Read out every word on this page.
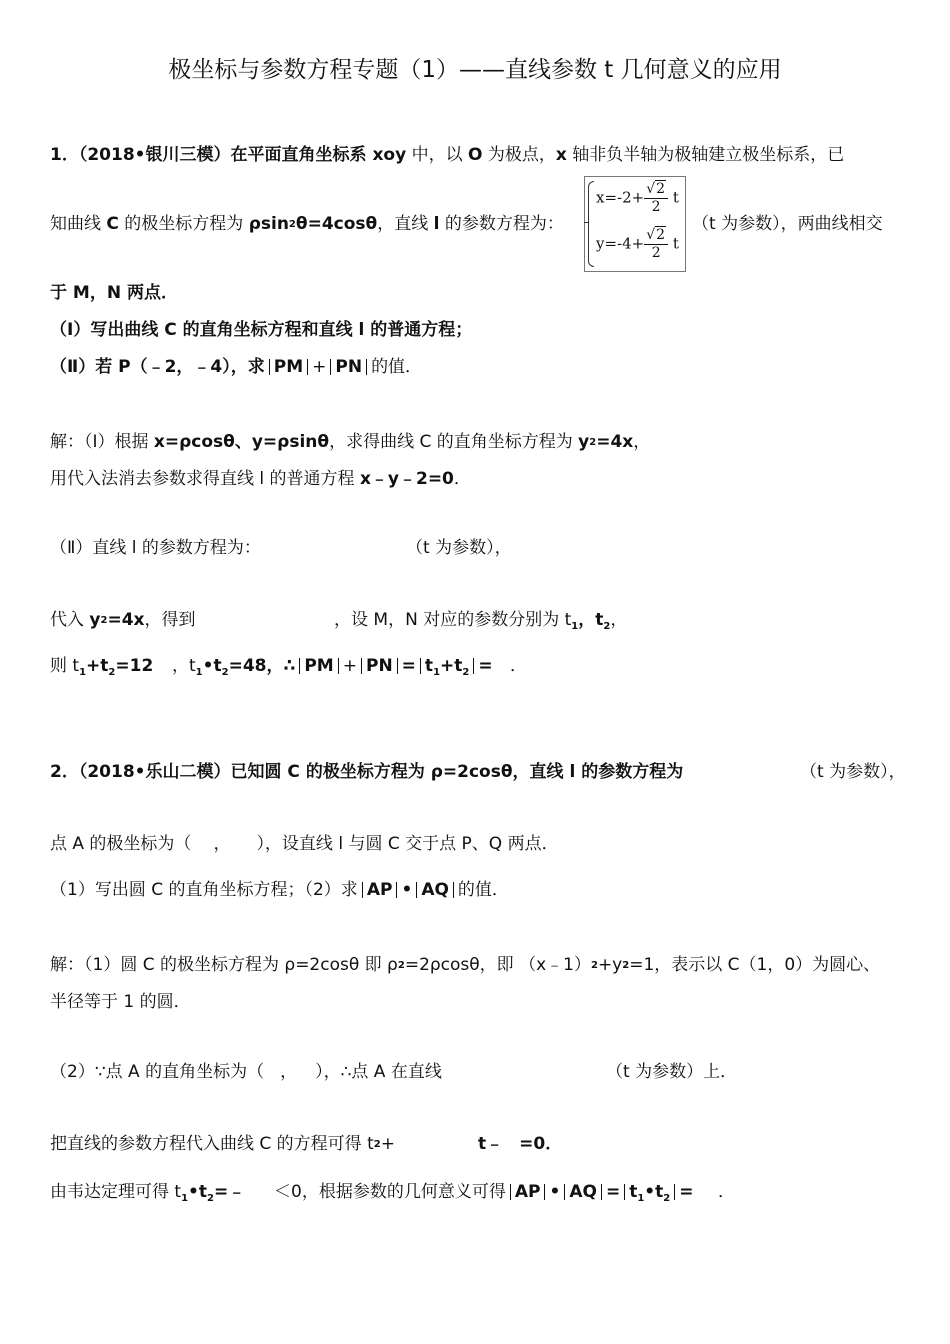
极坐标与参数方程专题（1）——直线参数 t 几何意义的应用
1．（2018•银川三模）在平面直角坐标系 xoy 中，以 O 为极点，x 轴非负半轴为极轴建立极坐标系，已
知曲线 C 的极坐标方程为 ρsin$^2$θ=4cosθ，直线 l 的参数方程为：	（t 为参数），两曲线相交
$x=-2+ \frac{√2}{2}$ t
$y=-4+ \frac{√2}{2}$ t
于 M，N 两点．
（Ⅰ）写出曲线 C 的直角坐标方程和直线 l 的普通方程；
（Ⅱ）若 P（﹣2，﹣4），求 PM + PN 的值．
解：（Ⅰ）根据 x=ρcosθ、y=ρsinθ，求得曲线 C 的直角坐标方程为 $y^2=4x$，
用代入法消去参数求得直线 l 的普通方程 x﹣y﹣2=0．
（Ⅱ）直线 l 的参数方程为：	（t 为参数），
代入 $y^2=4x$，得到	，设 M，N 对应的参数分别为 $t_1$，$t_2$，
则 $t_1+t_2=12$ ，$t_1•t_2=48$，∴ PM + PN = $t_1+t_2$ = ．
2．（2018•乐山二模）已知圆 C 的极坐标方程为 ρ=2cosθ，直线 l 的参数方程为	（t 为参数），
点 A 的极坐标为（ ， ），设直线 l 与圆 C 交于点 P、Q 两点．
（1）写出圆 C 的直角坐标方程；（2）求 AP • AQ 的值．
解：（1）圆 C 的极坐标方程为 ρ=2cosθ 即 $\rho^2=2\rho\cos\theta$，即 $(x﹣1)^2+y^2=1$，表示以 C（1，0）为圆心、
半径等于 1 的圆．
（2）∵点 A 的直角坐标为（ ， ），∴点 A 在直线	（t 为参数）上．
把直线的参数方程代入曲线 C 的方程可得 $t^2+$	t﹣ =0．
由韦达定理可得 $t_1•t_2=﹣ <0$，根据参数的几何意义可得 AP • AQ = $t_1•t_2$ = ．
